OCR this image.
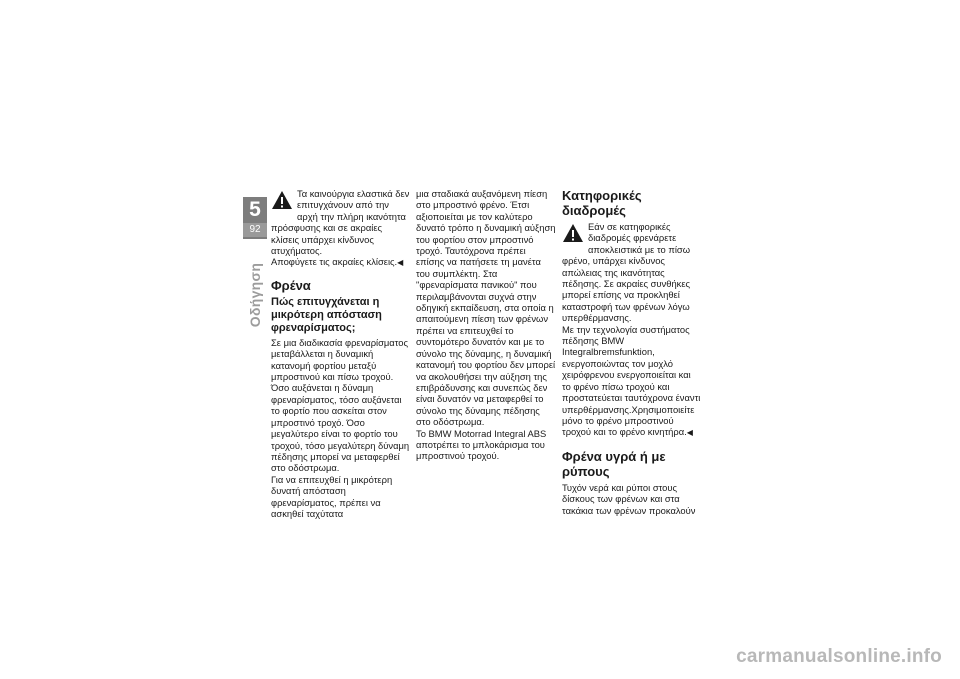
5
92
Οδήγηση

Τα καινούργια ελαστικά δεν επιτυγχάνουν από την αρχή την πλήρη ικανότητα πρόσφυσης και σε ακραίες κλίσεις υπάρχει κίνδυνος ατυχήματος.

Αποφύγετε τις ακραίες κλίσεις.◀

Φρένα
Πώς επιτυγχάνεται η μικρότερη απόσταση φρεναρίσματος;

Σε μια διαδικασία φρεναρίσματος μεταβάλλεται η δυναμική κατανομή φορτίου μεταξύ μπροστινού και πίσω τροχού. Όσο αυξάνεται η δύναμη φρεναρίσματος, τόσο αυξάνεται το φορτίο που ασκείται στον μπροστινό τροχό. Όσο μεγαλύτερο είναι το φορτίο του τροχού, τόσο μεγαλύτερη δύναμη πέδησης μπορεί να μεταφερθεί στο οδόστρωμα.

Για να επιτευχθεί η μικρότερη δυνατή απόσταση φρεναρίσματος, πρέπει να ασκηθεί ταχύτατα

μια σταδιακά αυξανόμενη πίεση στο μπροστινό φρένο. Έτσι αξιοποιείται με τον καλύτερο δυνατό τρόπο η δυναμική αύξηση του φορτίου στον μπροστινό τροχό. Ταυτόχρονα πρέπει επίσης να πατήσετε τη μανέτα του συμπλέκτη. Στα "φρεναρίσματα πανικού" που περιλαμβάνονται συχνά στην οδηγική εκπαίδευση, στα οποία η απαιτούμενη πίεση των φρένων πρέπει να επιτευχθεί το συντομότερο δυνατόν και με το σύνολο της δύναμης, η δυναμική κατανομή του φορτίου δεν μπορεί να ακολουθήσει την αύξηση της επιβράδυνσης και συνεπώς δεν είναι δυνατόν να μεταφερθεί το σύνολο της δύναμης πέδησης στο οδόστρωμα.

Το BMW Motorrad Integral ABS αποτρέπει το μπλοκάρισμα του μπροστινού τροχού.

Κατηφορικές διαδρομές

Εάν σε κατηφορικές διαδρομές φρενάρετε αποκλειστικά με το πίσω φρένο, υπάρχει κίνδυνος απώλειας της ικανότητας πέδησης. Σε ακραίες συνθήκες μπορεί επίσης να προκληθεί καταστροφή των φρένων λόγω υπερθέρμανσης.

Με την τεχνολογία συστήματος πέδησης BMW Integralbremsfunktion, ενεργοποιώντας τον μοχλό χειρόφρενου ενεργοποιείται και το φρένο πίσω τροχού και προστατεύεται ταυτόχρονα έναντι υπερθέρμανσης.Χρησιμοποιείτε μόνο το φρένο μπροστινού τροχού και το φρένο κινητήρα.◀

Φρένα υγρά ή με ρύπους

Τυχόν νερά και ρύποι στους δίσκους των φρένων και στα τακάκια των φρένων προκαλούν

carmanualsonline.info
